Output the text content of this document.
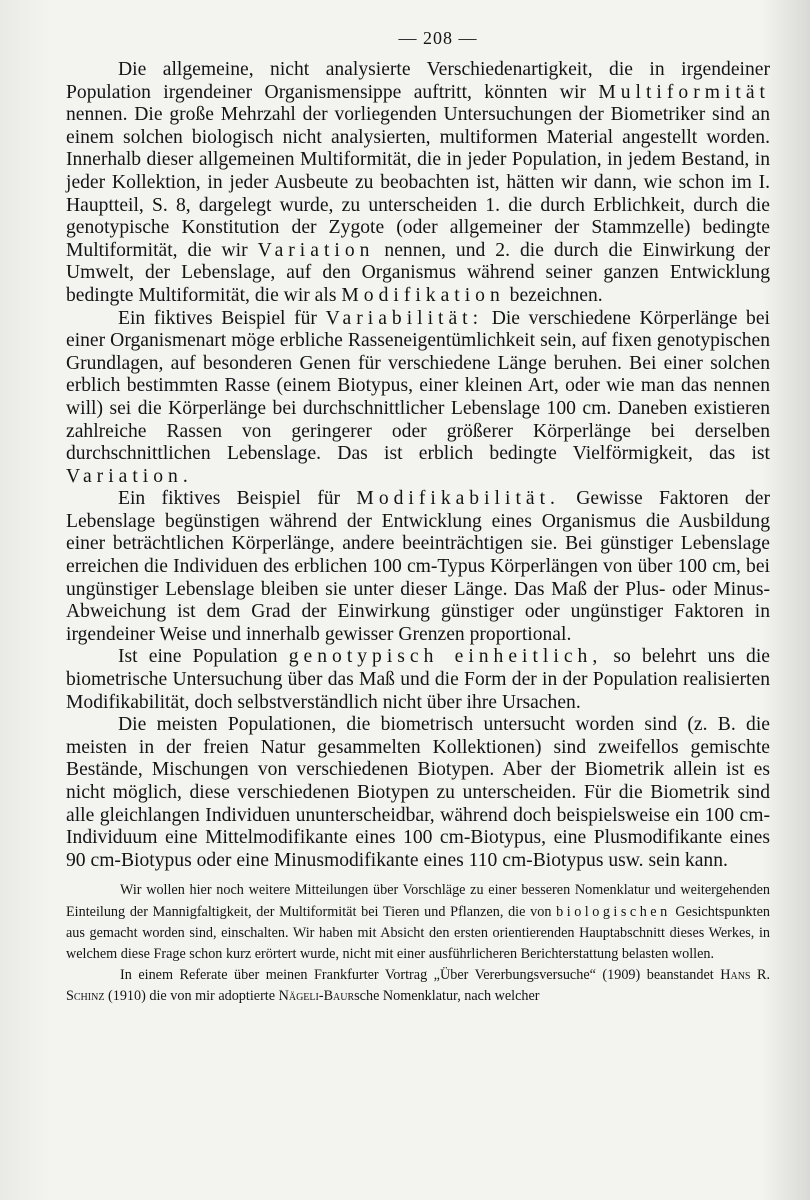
— 208 —

Die allgemeine, nicht analysierte Verschiedenartigkeit, die in irgendeiner Population irgendeiner Organismensippe auftritt, könnten wir Multiformität nennen. Die große Mehrzahl der vorliegenden Untersuchungen der Biometriker sind an einem solchen biologisch nicht analysierten, multiformen Material angestellt worden. Innerhalb dieser allgemeinen Multiformität, die in jeder Population, in jedem Bestand, in jeder Kollektion, in jeder Ausbeute zu beobachten ist, hätten wir dann, wie schon im I. Hauptteil, S. 8, dargelegt wurde, zu unterscheiden 1. die durch Erblichkeit, durch die genotypische Konstitution der Zygote (oder allgemeiner der Stammzelle) bedingte Multiformität, die wir Variation nennen, und 2. die durch die Einwirkung der Umwelt, der Lebenslage, auf den Organismus während seiner ganzen Entwicklung bedingte Multiformität, die wir als Modifikation bezeichnen.

Ein fiktives Beispiel für Variabilität: Die verschiedene Körperlänge bei einer Organismenart möge erbliche Rasseneigentümlichkeit sein, auf fixen genotypischen Grundlagen, auf besonderen Genen für verschiedene Länge beruhen. Bei einer solchen erblich bestimmten Rasse (einem Biotypus, einer kleinen Art, oder wie man das nennen will) sei die Körperlänge bei durchschnittlicher Lebenslage 100 cm. Daneben existieren zahlreiche Rassen von geringerer oder größerer Körperlänge bei derselben durchschnittlichen Lebenslage. Das ist erblich bedingte Vielförmigkeit, das ist Variation.

Ein fiktives Beispiel für Modifikabilität. Gewisse Faktoren der Lebenslage begünstigen während der Entwicklung eines Organismus die Ausbildung einer beträchtlichen Körperlänge, andere beeinträchtigen sie. Bei günstiger Lebenslage erreichen die Individuen des erblichen 100 cm-Typus Körperlängen von über 100 cm, bei ungünstiger Lebenslage bleiben sie unter dieser Länge. Das Maß der Plus- oder Minus-Abweichung ist dem Grad der Einwirkung günstiger oder ungünstiger Faktoren in irgendeiner Weise und innerhalb gewisser Grenzen proportional.

Ist eine Population genotypisch einheitlich, so belehrt uns die biometrische Untersuchung über das Maß und die Form der in der Population realisierten Modifikabilität, doch selbstverständlich nicht über ihre Ursachen.

Die meisten Populationen, die biometrisch untersucht worden sind (z. B. die meisten in der freien Natur gesammelten Kollektionen) sind zweifellos gemischte Bestände, Mischungen von verschiedenen Biotypen. Aber der Biometrik allein ist es nicht möglich, diese verschiedenen Biotypen zu unterscheiden. Für die Biometrik sind alle gleichlangen Individuen ununterscheidbar, während doch beispielsweise ein 100 cm-Individuum eine Mittelmodifikante eines 100 cm-Biotypus, eine Plusmodifikante eines 90 cm-Biotypus oder eine Minusmodifikante eines 110 cm-Biotypus usw. sein kann.

Wir wollen hier noch weitere Mitteilungen über Vorschläge zu einer besseren Nomenklatur und weitergehenden Einteilung der Mannigfaltigkeit, der Multiformität bei Tieren und Pflanzen, die von biologischen Gesichtspunkten aus gemacht worden sind, einschalten. Wir haben mit Absicht den ersten orientierenden Hauptabschnitt dieses Werkes, in welchem diese Frage schon kurz erörtert wurde, nicht mit einer ausführlicheren Berichterstattung belasten wollen.

In einem Referate über meinen Frankfurter Vortrag „Über Vererbungsversuche“ (1909) beanstandet Hans R. Schinz (1910) die von mir adoptierte Nägeli-Baursche Nomenklatur, nach welcher
